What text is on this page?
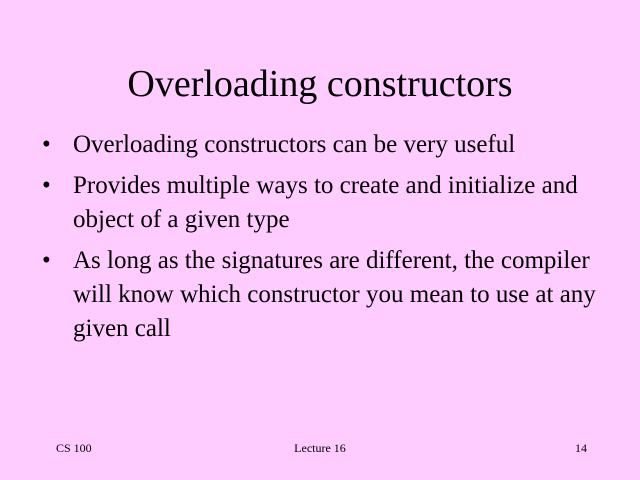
Overloading constructors
• Overloading constructors can be very useful
• Provides multiple ways to create and initialize and object of a given type
• As long as the signatures are different, the compiler will know which constructor you mean to use at any given call
CS 100	Lecture 16	14
